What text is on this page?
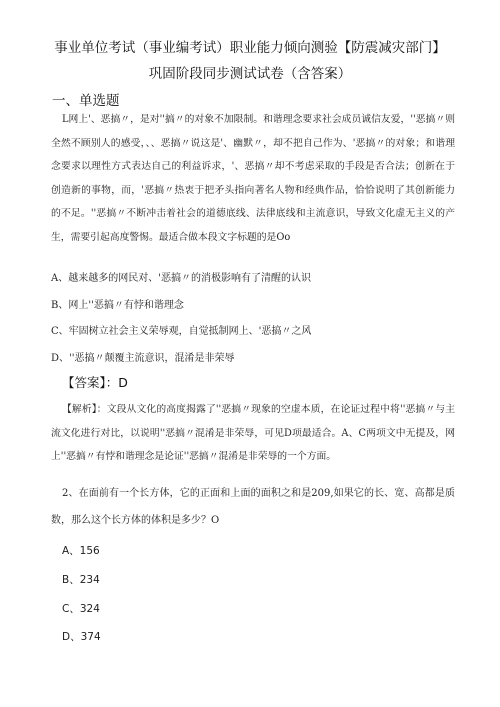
事业单位考试（事业编考试）职业能力倾向测验【防震减灾部门】
巩固阶段同步测试试卷（含答案）
一、单选题
L网上'、恶搞〃，是对''搞〃的对象不加限制。和谐理念要求社会成员诚信友爱，''恶搞〃则全然不顾别人的感受，、、恶搞〃说这是'、幽默〃，却不把自己作为、'恶搞〃的对象；和谐理念要求以理性方式表达自己的利益诉求，'、恶搞〃却不考虑采取的手段是否合法；创新在于创造新的事物，而，'恶搞〃热衷于把矛头指向著名人物和经典作品，恰恰说明了其创新能力的不足。''恶搞〃不断冲击着社会的道德底线、法律底线和主流意识，导致文化虚无主义的产生，需要引起高度警惕。最适合做本段文字标题的是Oo
A、越来越多的网民对、'恶搞〃的消极影响有了清醒的认识
B、网上''恶搞〃有悖和谐理念
C、牢固树立社会主义荣辱观，自觉抵制网上、'恶搞〃之风
D、''恶搞〃颠覆主流意识，混淆是非荣辱
【答案】：D
【解析】：文段从文化的高度揭露了''恶搞〃现象的空虚本质，在论证过程中将''恶搞〃与主流文化进行对比，以说明''恶搞〃混淆是非荣辱，可见D项最适合。A、C两项文中无提及，网上''恶搞〃有悖和谐理念是论证''恶搞〃混淆是非荣辱的一个方面。
2、在面前有一个长方体，它的正面和上面的面积之和是209,如果它的长、宽、高都是质数，那么这个长方体的体积是多少？O
A、156
B、234
C、324
D、374
